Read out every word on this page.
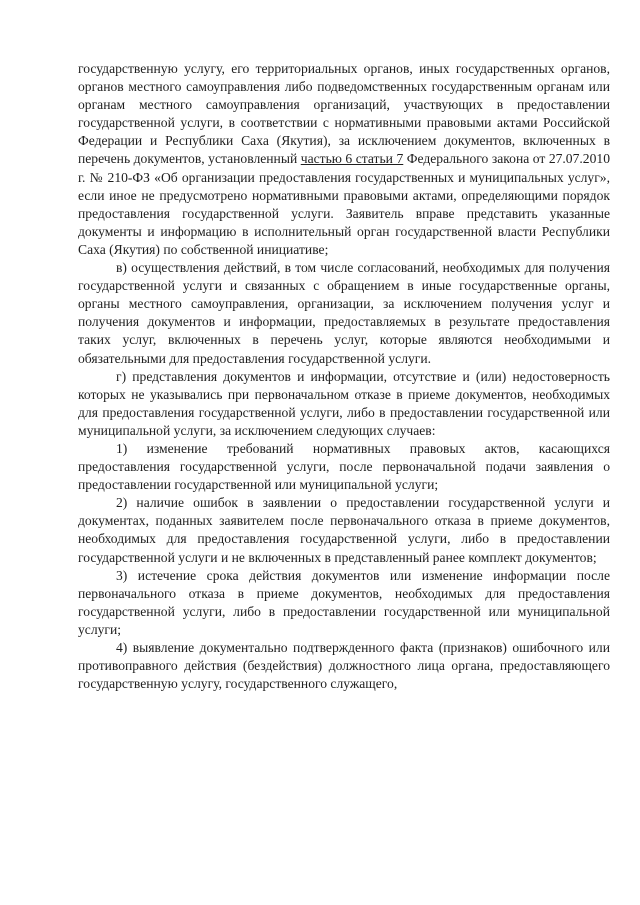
государственную услугу, его территориальных органов, иных государственных органов, органов местного самоуправления либо подведомственных государственным органам или органам местного самоуправления организаций, участвующих в предоставлении государственной услуги, в соответствии с нормативными правовыми актами Российской Федерации и Республики Саха (Якутия), за исключением документов, включенных в перечень документов, установленный частью 6 статьи 7 Федерального закона от 27.07.2010 г. № 210-ФЗ «Об организации предоставления государственных и муниципальных услуг», если иное не предусмотрено нормативными правовыми актами, определяющими порядок предоставления государственной услуги. Заявитель вправе представить указанные документы и информацию в исполнительный орган государственной власти Республики Саха (Якутия) по собственной инициативе;

в) осуществления действий, в том числе согласований, необходимых для получения государственной услуги и связанных с обращением в иные государственные органы, органы местного самоуправления, организации, за исключением получения услуг и получения документов и информации, предоставляемых в результате предоставления таких услуг, включенных в перечень услуг, которые являются необходимыми и обязательными для предоставления государственной услуги.

г) представления документов и информации, отсутствие и (или) недостоверность которых не указывались при первоначальном отказе в приеме документов, необходимых для предоставления государственной услуги, либо в предоставлении государственной или муниципальной услуги, за исключением следующих случаев:

1) изменение требований нормативных правовых актов, касающихся предоставления государственной услуги, после первоначальной подачи заявления о предоставлении государственной или муниципальной услуги;

2) наличие ошибок в заявлении о предоставлении государственной услуги и документах, поданных заявителем после первоначального отказа в приеме документов, необходимых для предоставления государственной услуги, либо в предоставлении государственной услуги и не включенных в представленный ранее комплект документов;

3) истечение срока действия документов или изменение информации после первоначального отказа в приеме документов, необходимых для предоставления государственной услуги, либо в предоставлении государственной или муниципальной услуги;

4) выявление документально подтвержденного факта (признаков) ошибочного или противоправного действия (бездействия) должностного лица органа, предоставляющего государственную услугу, государственного служащего,
